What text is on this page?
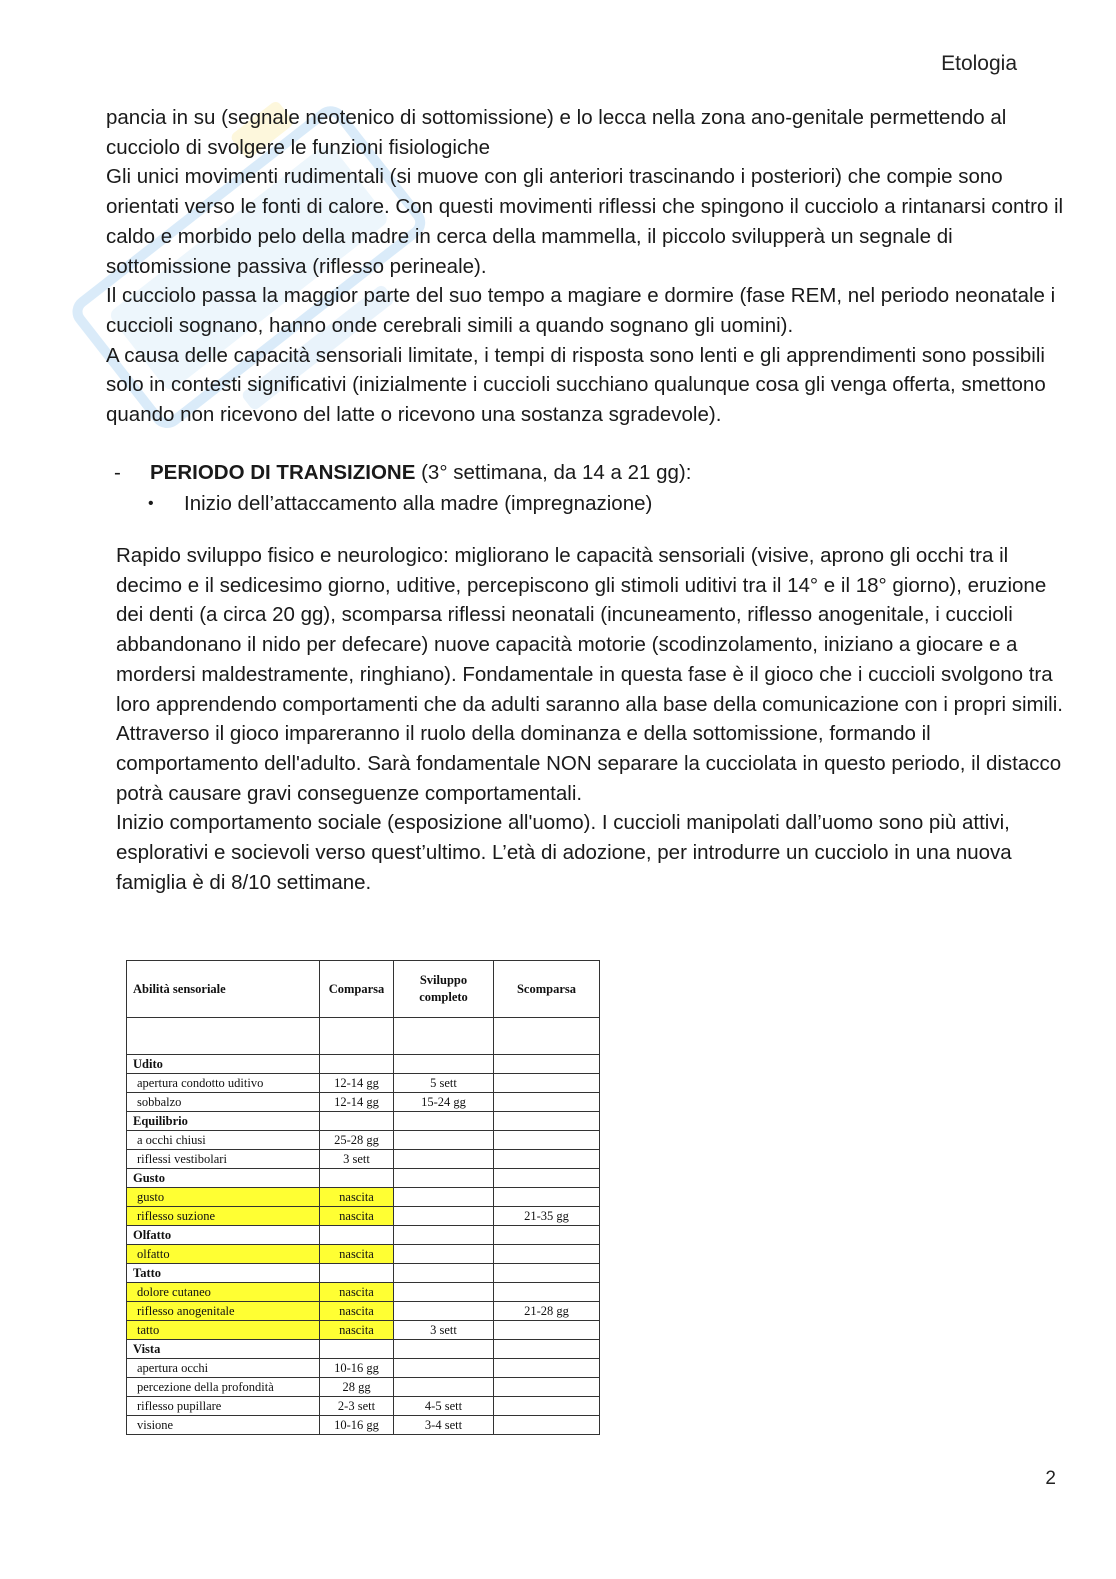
Etologia

pancia in su (segnale neotenico di sottomissione) e lo lecca nella zona ano-genitale permettendo al cucciolo di svolgere le funzioni fisiologiche

Gli unici movimenti rudimentali (si muove con gli anteriori trascinando i posteriori) che compie sono orientati verso le fonti di calore. Con questi movimenti riflessi che spingono il cucciolo a rintanarsi contro il caldo e morbido pelo della madre in cerca della mammella, il piccolo svilupperà un segnale di sottomissione passiva (riflesso perineale).

Il cucciolo passa la maggior parte del suo tempo a magiare e dormire (fase REM, nel periodo neonatale i cuccioli sognano, hanno onde cerebrali simili a quando sognano gli uomini).

A causa delle capacità sensoriali limitate, i tempi di risposta sono lenti e gli apprendimenti sono possibili solo in contesti significativi (inizialmente i cuccioli succhiano qualunque cosa gli venga offerta, smettono quando non ricevono del latte o ricevono una sostanza sgradevole).

- PERIODO DI TRANSIZIONE (3° settimana, da 14 a 21 gg):
• Inizio dell’attaccamento alla madre (impregnazione)

Rapido sviluppo fisico e neurologico: migliorano le capacità sensoriali (visive, aprono gli occhi tra il decimo e il sedicesimo giorno, uditive, percepiscono gli stimoli uditivi tra il 14° e il 18° giorno), eruzione dei denti (a circa 20 gg), scomparsa riflessi neonatali (incuneamento, riflesso anogenitale, i cuccioli abbandonano il nido per defecare) nuove capacità motorie (scodinzolamento, iniziano a giocare e a mordersi maldestramente, ringhiano). Fondamentale in questa fase è il gioco che i cuccioli svolgono tra loro apprendendo comportamenti che da adulti saranno alla base della comunicazione con i propri simili. Attraverso il gioco impareranno il ruolo della dominanza e della sottomissione, formando il comportamento dell'adulto. Sarà fondamentale NON separare la cucciolata in questo periodo, il distacco potrà causare gravi conseguenze comportamentali.

Inizio comportamento sociale (esposizione all'uomo). I cuccioli manipolati dall’uomo sono più attivi, esplorativi e socievoli verso quest’ultimo. L’età di adozione, per introdurre un cucciolo in una nuova famiglia è di 8/10 settimane.

Abilità sensoriale	Comparsa	Sviluppo completo	Scomparsa

Udito			
apertura condotto uditivo	12-14 gg	5 sett	
sobbalzo	12-14 gg	15-24 gg	
Equilibrio			
a occhi chiusi	25-28 gg		
riflessi vestibolari	3 sett		
Gusto			
gusto	nascita		
riflesso suzione	nascita		21-35 gg
Olfatto			
olfatto	nascita		
Tatto			
dolore cutaneo	nascita		
riflesso anogenitale	nascita		21-28 gg
tatto	nascita	3 sett	
Vista			
apertura occhi	10-16 gg		
percezione della profondità	28 gg		
riflesso pupillare	2-3 sett	4-5 sett	
visione	10-16 gg	3-4 sett	
2
